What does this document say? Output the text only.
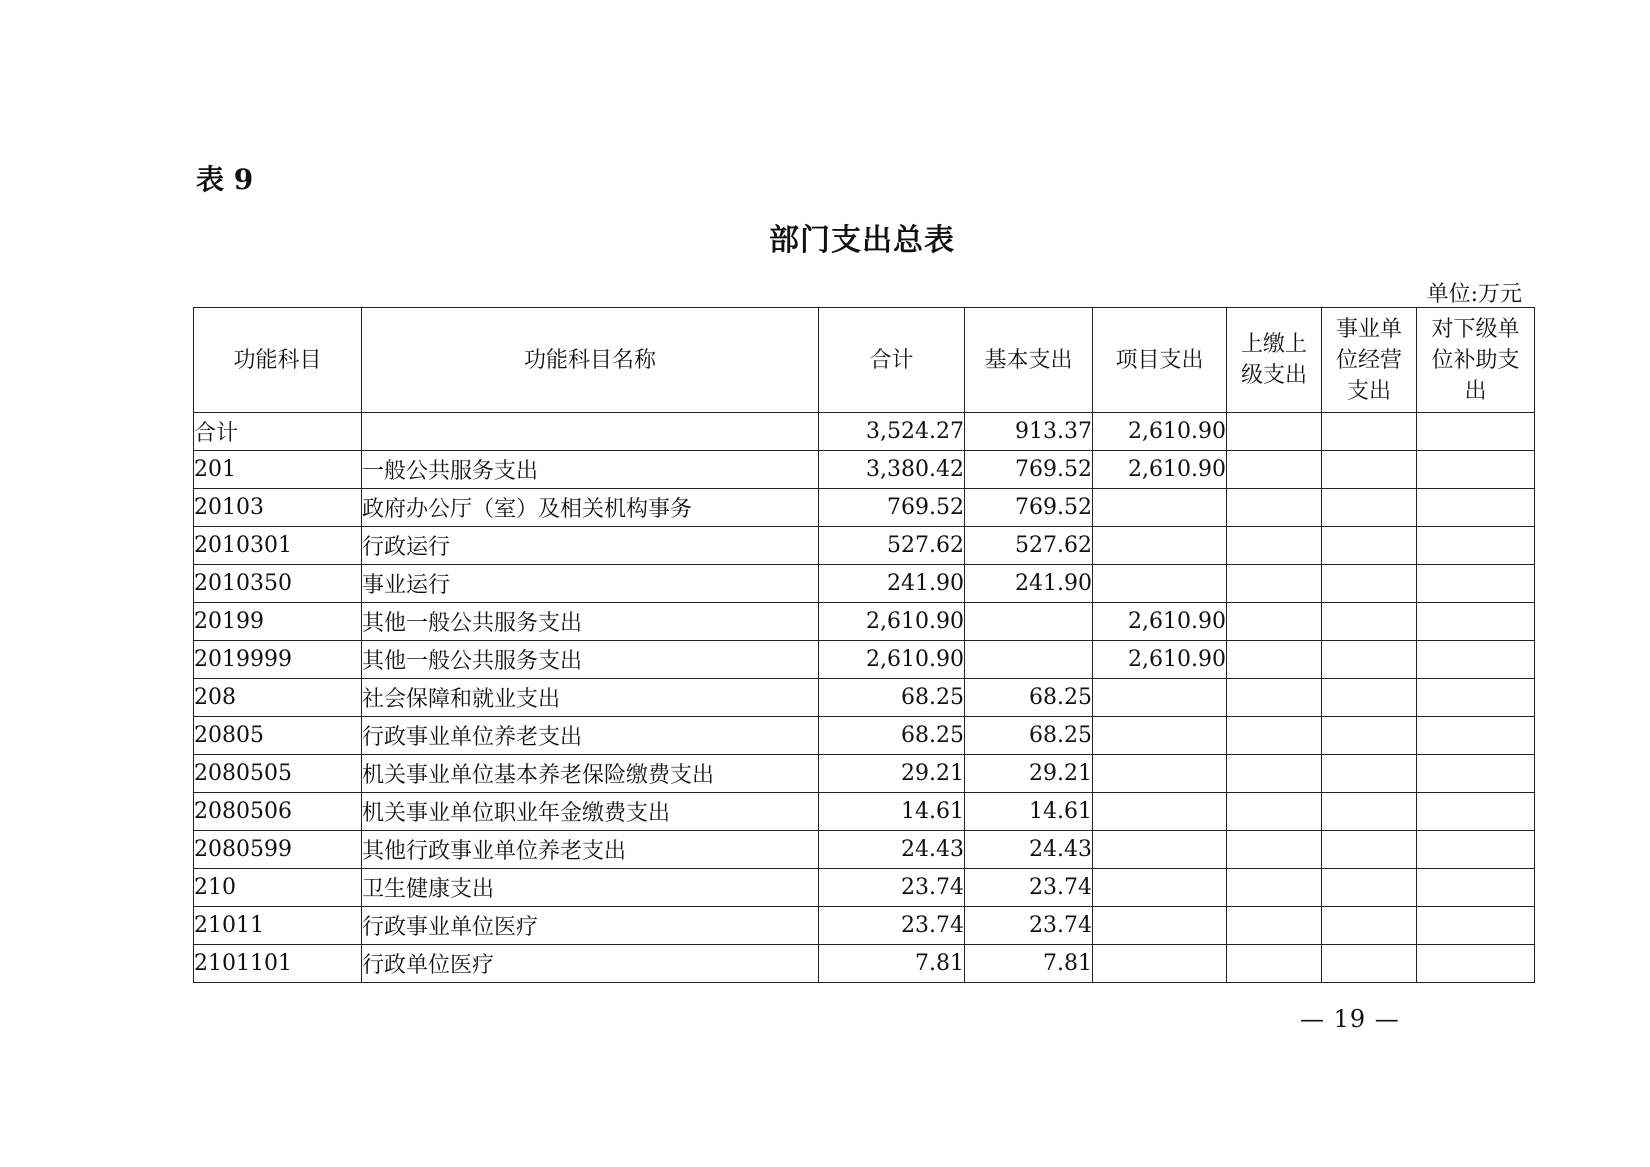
表 9
部门支出总表
单位:万元
功能科目	功能科目名称	合计	基本支出	项目支出	上缴上级支出	事业单位经营支出	对下级单位补助支出
合计		3,524.27	913.37	2,610.90			
201	一般公共服务支出	3,380.42	769.52	2,610.90			
20103	政府办公厅（室）及相关机构事务	769.52	769.52				
2010301	行政运行	527.62	527.62				
2010350	事业运行	241.90	241.90				
20199	其他一般公共服务支出	2,610.90		2,610.90			
2019999	其他一般公共服务支出	2,610.90		2,610.90			
208	社会保障和就业支出	68.25	68.25				
20805	行政事业单位养老支出	68.25	68.25				
2080505	机关事业单位基本养老保险缴费支出	29.21	29.21				
2080506	机关事业单位职业年金缴费支出	14.61	14.61				
2080599	其他行政事业单位养老支出	24.43	24.43				
210	卫生健康支出	23.74	23.74				
21011	行政事业单位医疗	23.74	23.74				
2101101	行政单位医疗	7.81	7.81				
— 19 —
